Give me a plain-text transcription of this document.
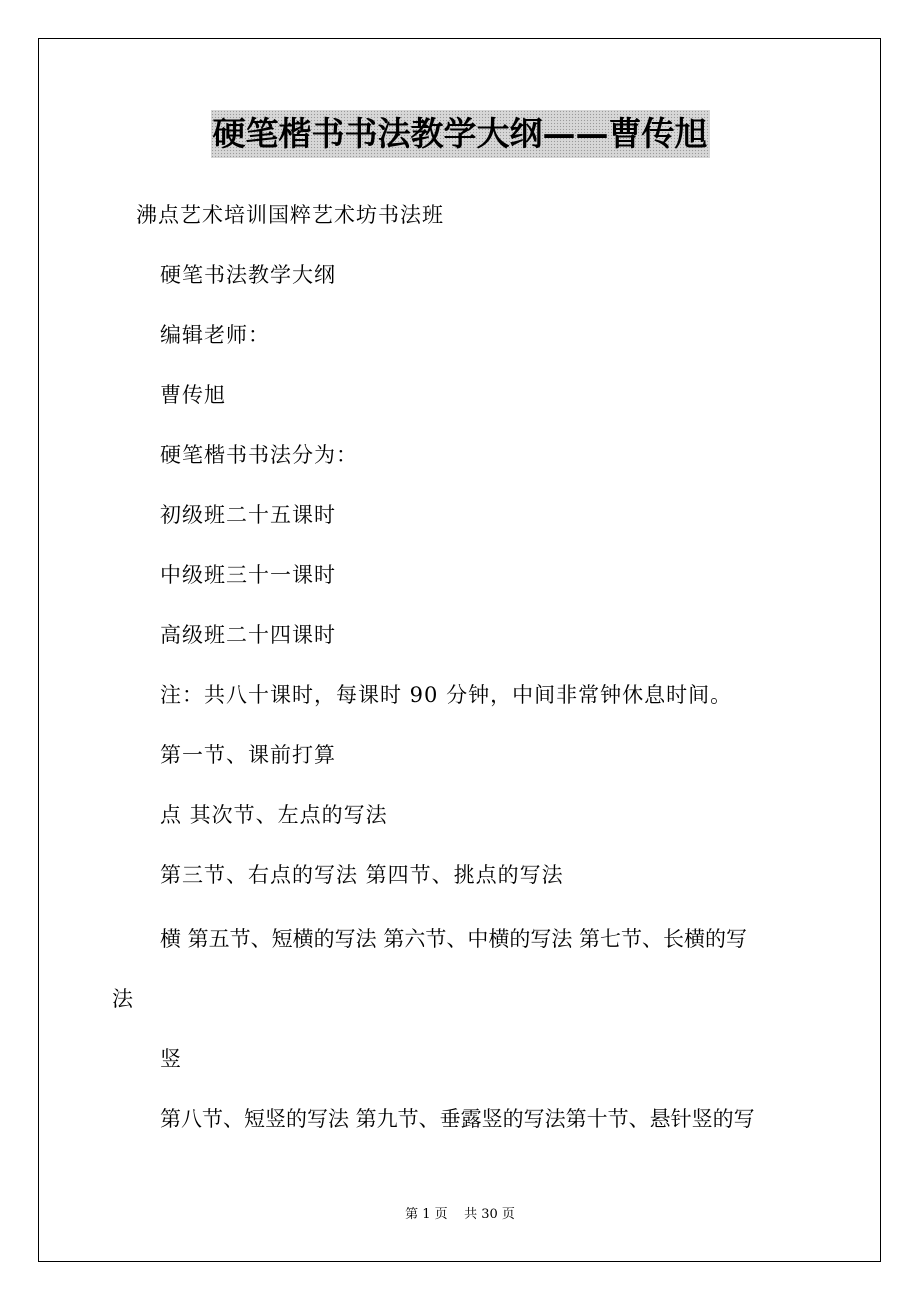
硬笔楷书书法教学大纲——曹传旭
沸点艺术培训国粹艺术坊书法班
硬笔书法教学大纲
编辑老师：
曹传旭
硬笔楷书书法分为：
初级班二十五课时
中级班三十一课时
高级班二十四课时
注：共八十课时，每课时 90 分钟，中间非常钟休息时间。
第一节、课前打算
点 其次节、左点的写法
第三节、右点的写法 第四节、挑点的写法
横 第五节、短横的写法 第六节、中横的写法 第七节、长横的写
法
竖
第八节、短竖的写法 第九节、垂露竖的写法第十节、悬针竖的写
第 1 页    共 30 页
